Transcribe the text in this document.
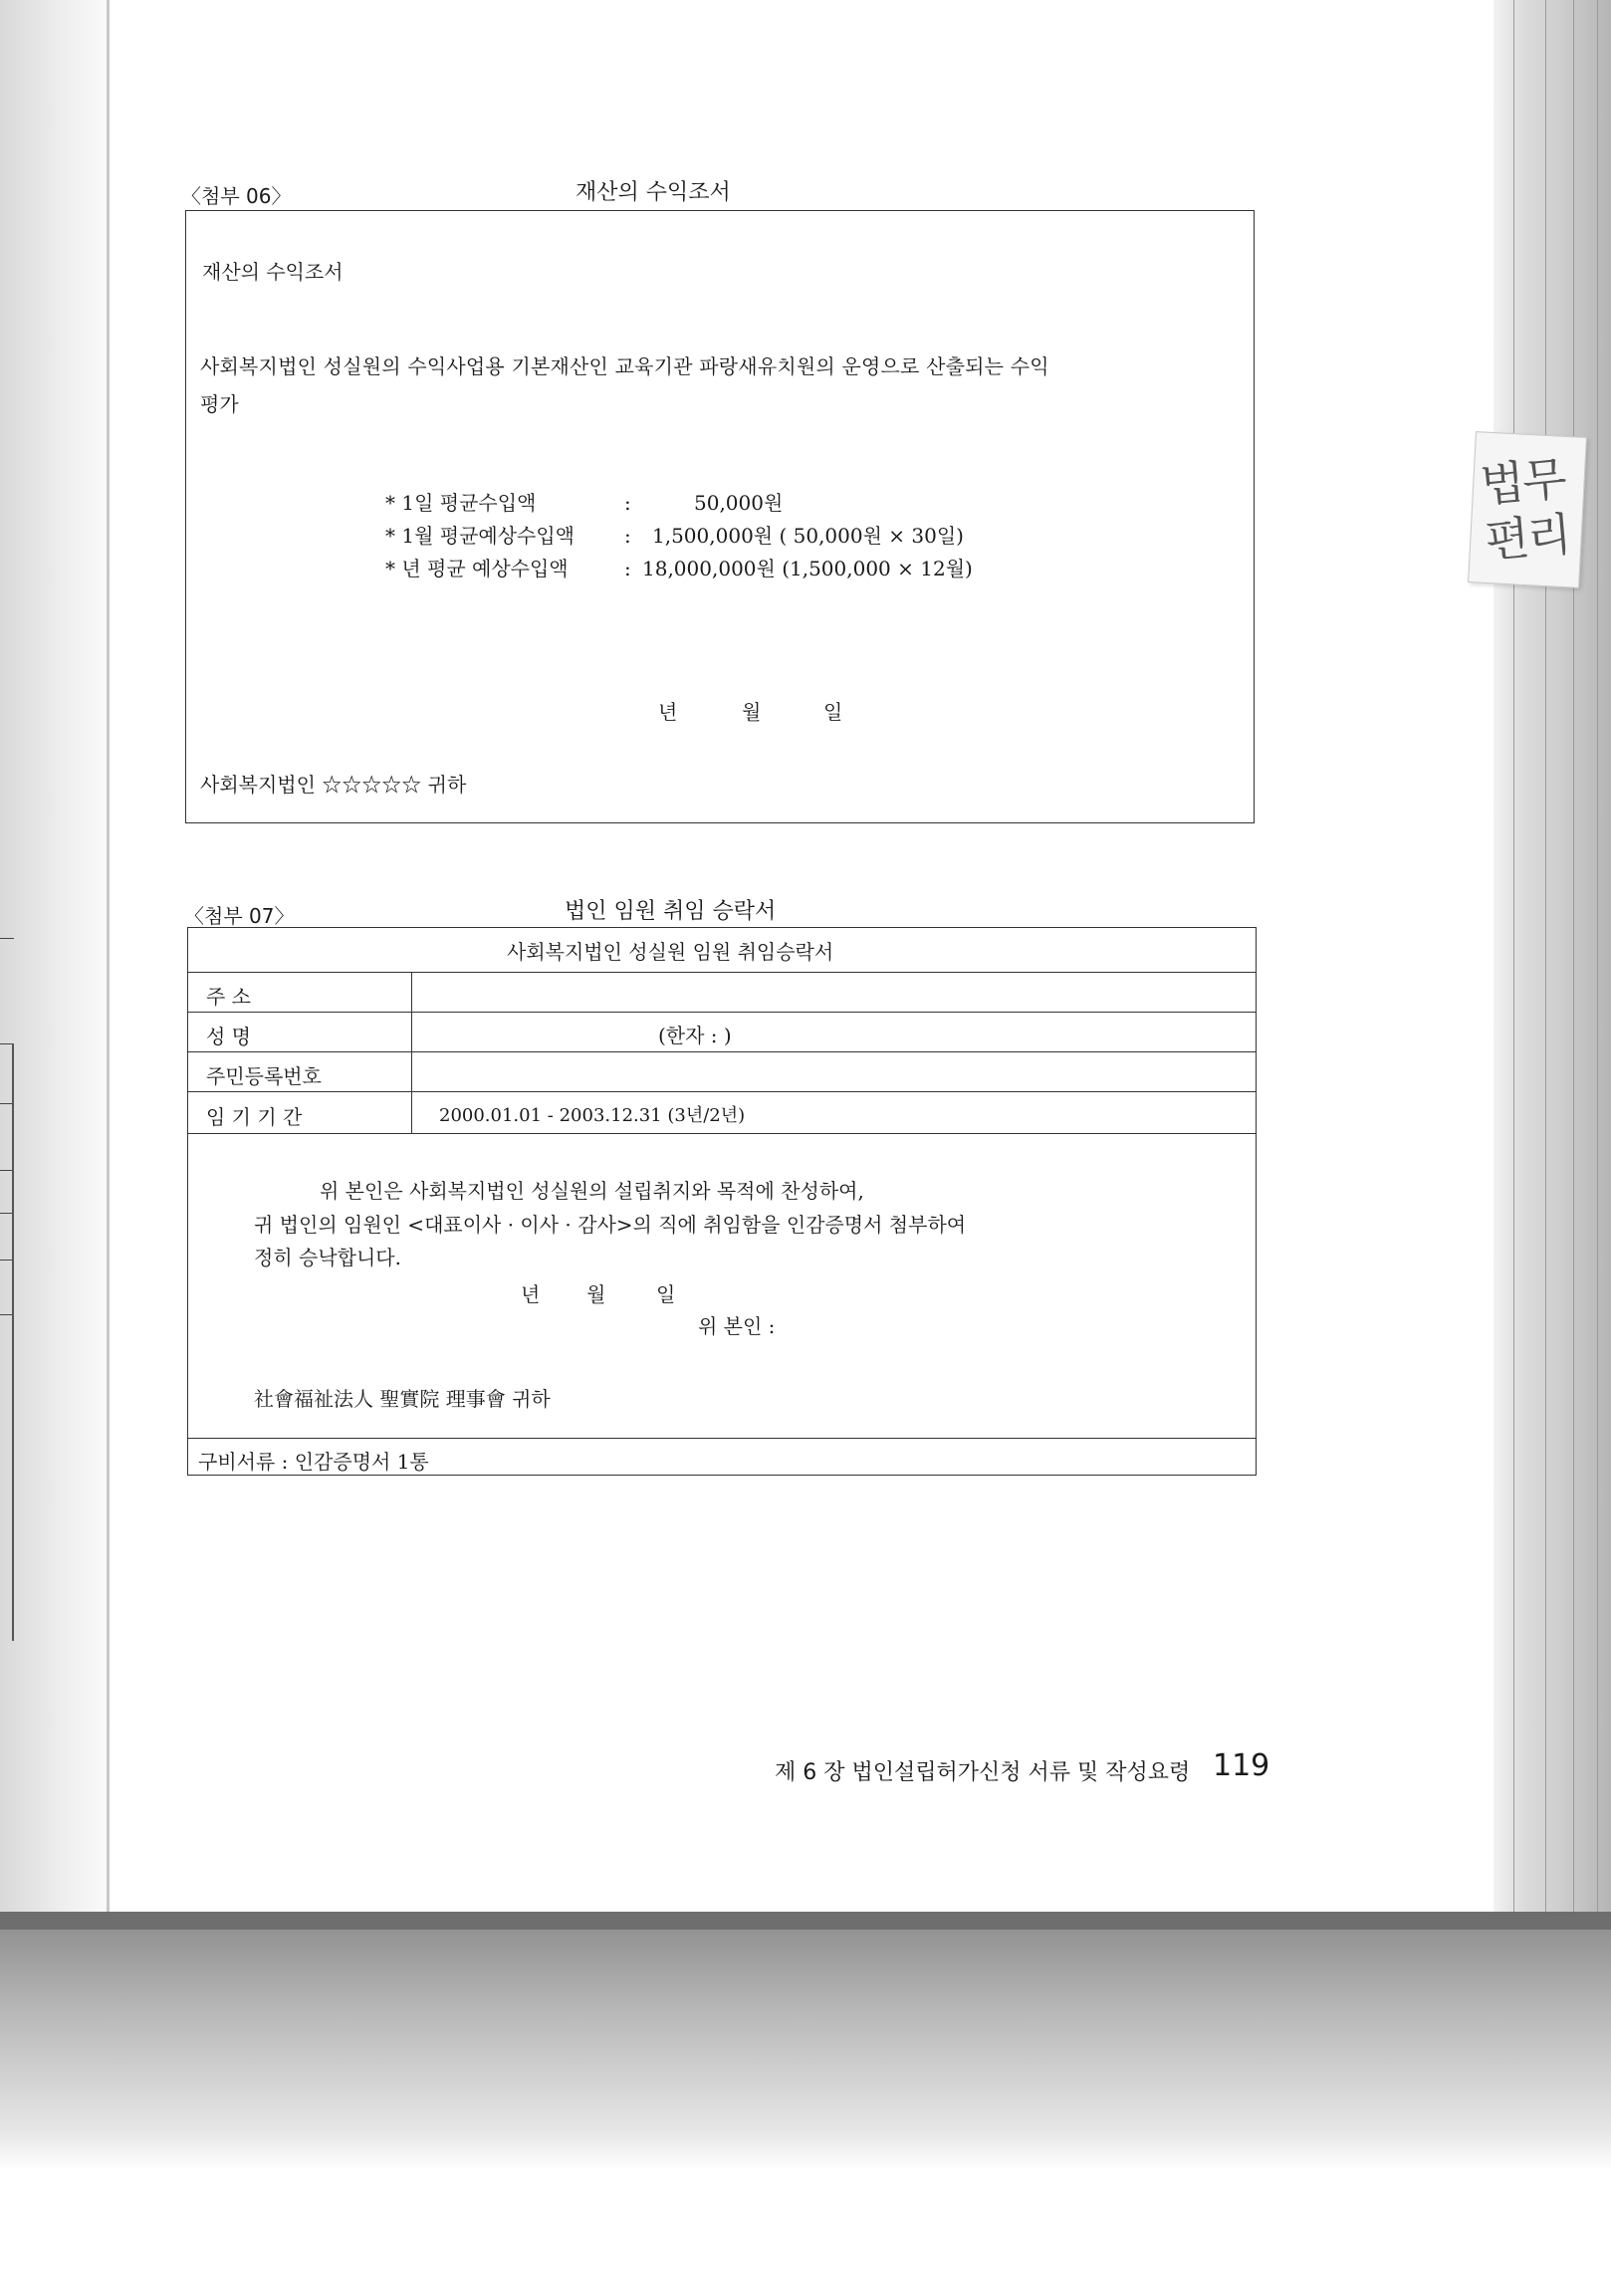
법무 편리
〈첨부 06〉	재산의 수익조서
재산의 수익조서
사회복지법인 성실원의 수익사업용 기본재산인 교육기관 파랑새유치원의 운영으로 산출되는 수익
평가
* 1일 평균수입액	:	50,000원
* 1월 평균예상수입액	: 1,500,000원 ( 50,000원 × 30일)
* 년 평균 예상수입액	: 18,000,000원 (1,500,000 × 12월)
년	월	일
사회복지법인 ☆☆☆☆☆ 귀하
〈첨부 07〉	법인 임원 취임 승락서
사회복지법인 성실원 임원 취임승락서
주 소
성 명	(한자 : )
주민등록번호
임 기 기 간	2000.01.01 - 2003.12.31 (3년/2년)
위 본인은 사회복지법인 성실원의 설립취지와 목적에 찬성하여,
귀 법인의 임원인 <대표이사 · 이사 · 감사>의 직에 취임함을 인감증명서 첨부하여
정히 승낙합니다.
년 월	일
위 본인 :
社會福祉法人 聖實院 理事會 귀하
구비서류 : 인감증명서 1통
제 6 장 법인설립허가신청 서류 및 작성요령 119
